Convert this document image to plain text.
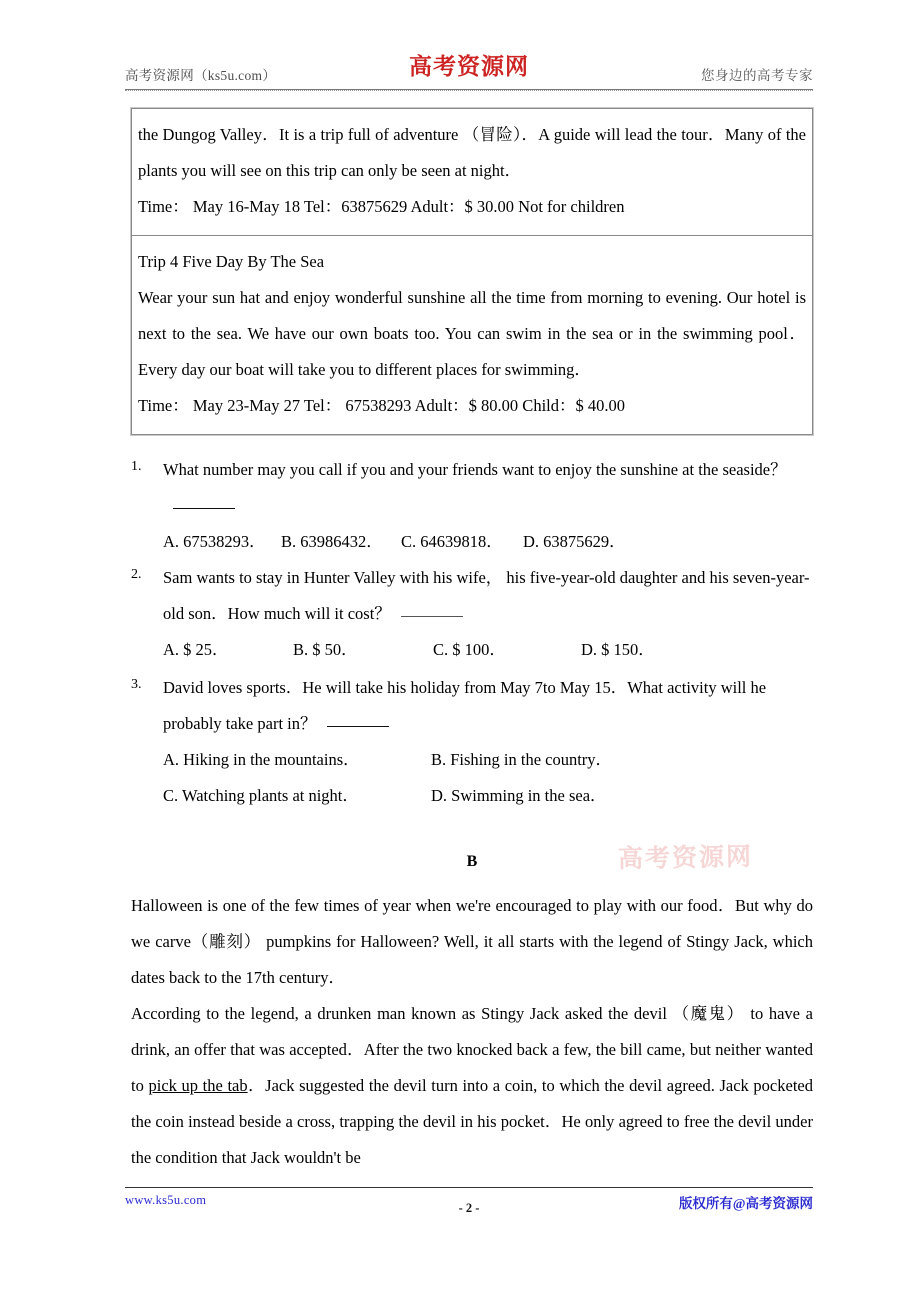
高考资源网（ks5u.com）	高考资源网	您身边的高考专家

the Dungog Valley．It is a trip full of adventure （冒险）．A guide will lead the tour．Many of the plants you will see on this trip can only be seen at night．

Time： May 16-May 18 Tel：63875629 Adult：$ 30.00 Not for children

Trip 4 Five Day By The Sea

Wear your sun hat and enjoy wonderful sunshine all the time from morning to evening. Our hotel is next to the sea. We have our own boats too. You can swim in the sea or in the swimming pool．Every day our boat will take you to different places for swimming．

Time： May 23-May 27 Tel： 67538293 Adult：$ 80.00 Child：$ 40.00

1.	What number may you call if you and your friends want to enjoy the sunshine at the seaside？
A. 67538293． B. 63986432． C. 64639818． D. 63875629．
2.	Sam wants to stay in Hunter Valley with his wife， his five-year-old daughter and his seven-year-old son．How much will it cost？
A. $ 25．	B. $ 50．	C. $ 100．	D. $ 150．
3.	David loves sports．He will take his holiday from May 7to May 15．What activity will he probably take part in？
A. Hiking in the mountains．	B. Fishing in the country．
C. Watching plants at night．	D. Swimming in the sea．
高考资源网
B

Halloween is one of the few times of year when we're encouraged to play with our food．But why do we carve（雕刻） pumpkins for Halloween? Well, it all starts with the legend of Stingy Jack, which dates back to the 17th century．

According to the legend, a drunken man known as Stingy Jack asked the devil （魔鬼） to have a drink, an offer that was accepted．After the two knocked back a few, the bill came, but neither wanted to pick up the tab．Jack suggested the devil turn into a coin, to which the devil agreed. Jack pocketed the coin instead beside a cross, trapping the devil in his pocket．He only agreed to free the devil under the condition that Jack wouldn't be

www.ks5u.com
- 2 -	版权所有@高考资源网
